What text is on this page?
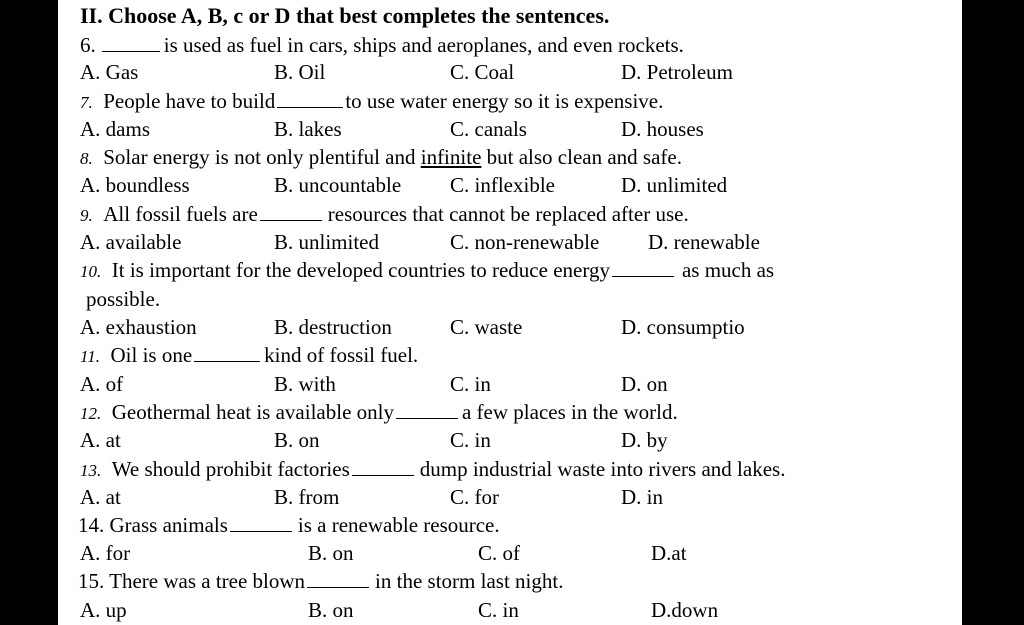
II. Choose A, B, c or D that best completes the sentences.
6.	is used as fuel in cars, ships and aeroplanes, and even rockets.
A. Gas	B. Oil	C. Coal	D. Petroleum
7. People have to build	to use water energy so it is expensive.
A. dams	B. lakes	C. canals	D. houses
8. Solar energy is not only plentiful and infinite but also clean and safe.
A. boundless	B. uncountable C. inflexible	D. unlimited
9. All fossil fuels are	resources that cannot be replaced after use.
A. available	B. unlimited	C. non-renewable D. renewable
10. It is important for the developed countries to reduce energy	as much as
possible.
A. exhaustion	B. destruction	C. waste	D. consumptio
11. Oil is one	kind of fossil fuel.
A. of	B. with	C. in	D. on
12. Geothermal heat is available only	a few places in the world.
A. at	B. on	C. in	D. by
13. We should prohibit factories	dump industrial waste into rivers and lakes.
A. at	B. from	C. for	D. in
14. Grass animals	is a renewable resource.
A. for	B. on	C. of	D.at
15. There was a tree blown	in the storm last night.
A. up	B. on	C. in	D.down
